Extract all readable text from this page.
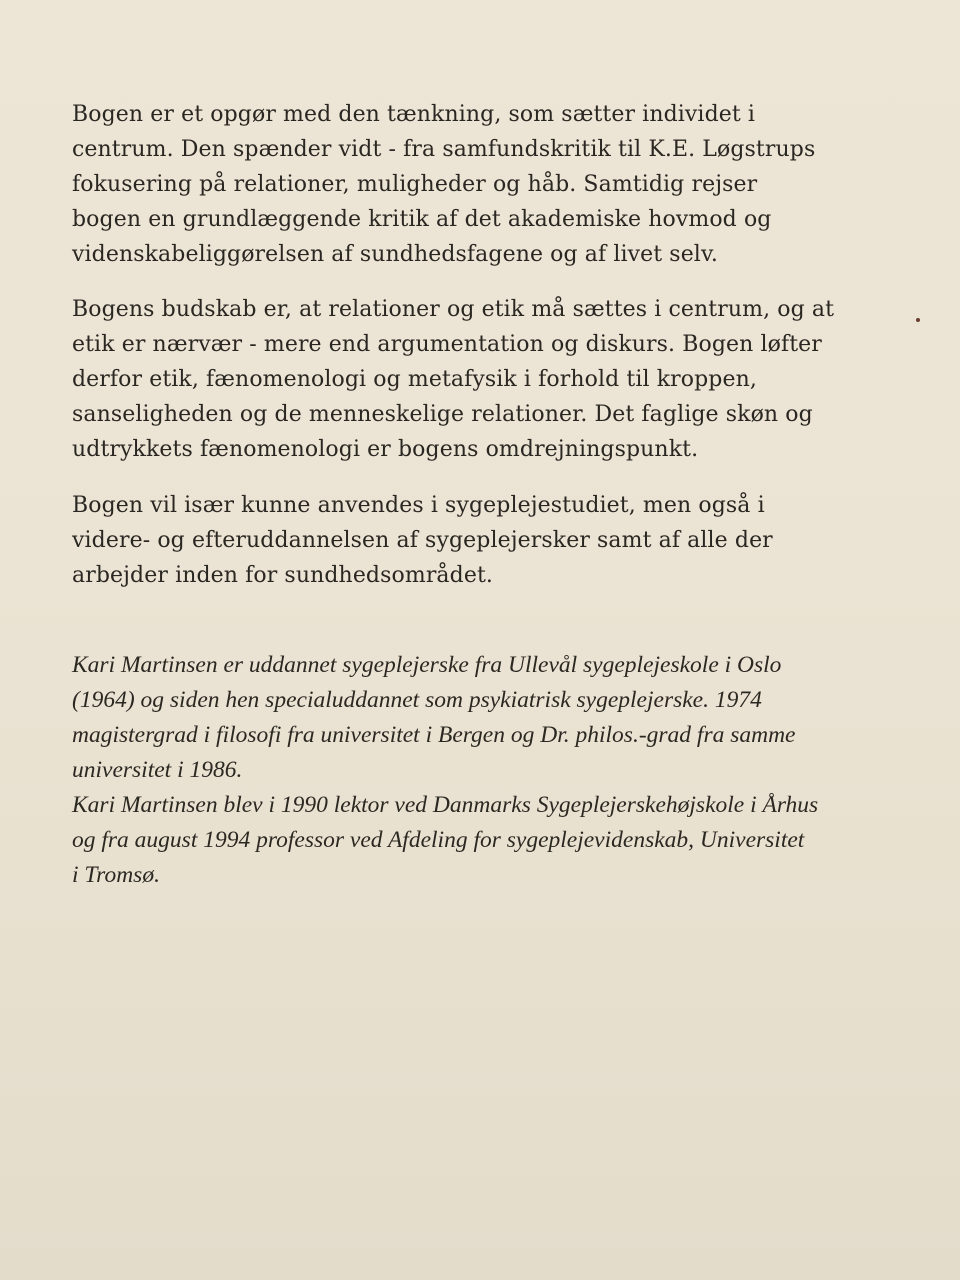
Bogen er et opgør med den tænkning, som sætter individet i
centrum. Den spænder vidt - fra samfundskritik til K.E. Løgstrups
fokusering på relationer, muligheder og håb. Samtidig rejser
bogen en grundlæggende kritik af det akademiske hovmod og
videnskabeliggørelsen af sundhedsfagene og af livet selv.
Bogens budskab er, at relationer og etik må sættes i centrum, og at
etik er nærvær - mere end argumentation og diskurs. Bogen løfter
derfor etik, fænomenologi og metafysik i forhold til kroppen,
sanseligheden og de menneskelige relationer. Det faglige skøn og
udtrykkets fænomenologi er bogens omdrejningspunkt.
Bogen vil især kunne anvendes i sygeplejestudiet, men også i
videre- og efteruddannelsen af sygeplejersker samt af alle der
arbejder inden for sundhedsområdet.
Kari Martinsen er uddannet sygeplejerske fra Ullevål sygeplejeskole i Oslo
(1964) og siden hen specialuddannet som psykiatrisk sygeplejerske. 1974
magistergrad i filosofi fra universitet i Bergen og Dr. philos.-grad fra samme
universitet i 1986.
Kari Martinsen blev i 1990 lektor ved Danmarks Sygeplejerskehøjskole i Århus
og fra august 1994 professor ved Afdeling for sygeplejevidenskab, Universitet
i Tromsø.
